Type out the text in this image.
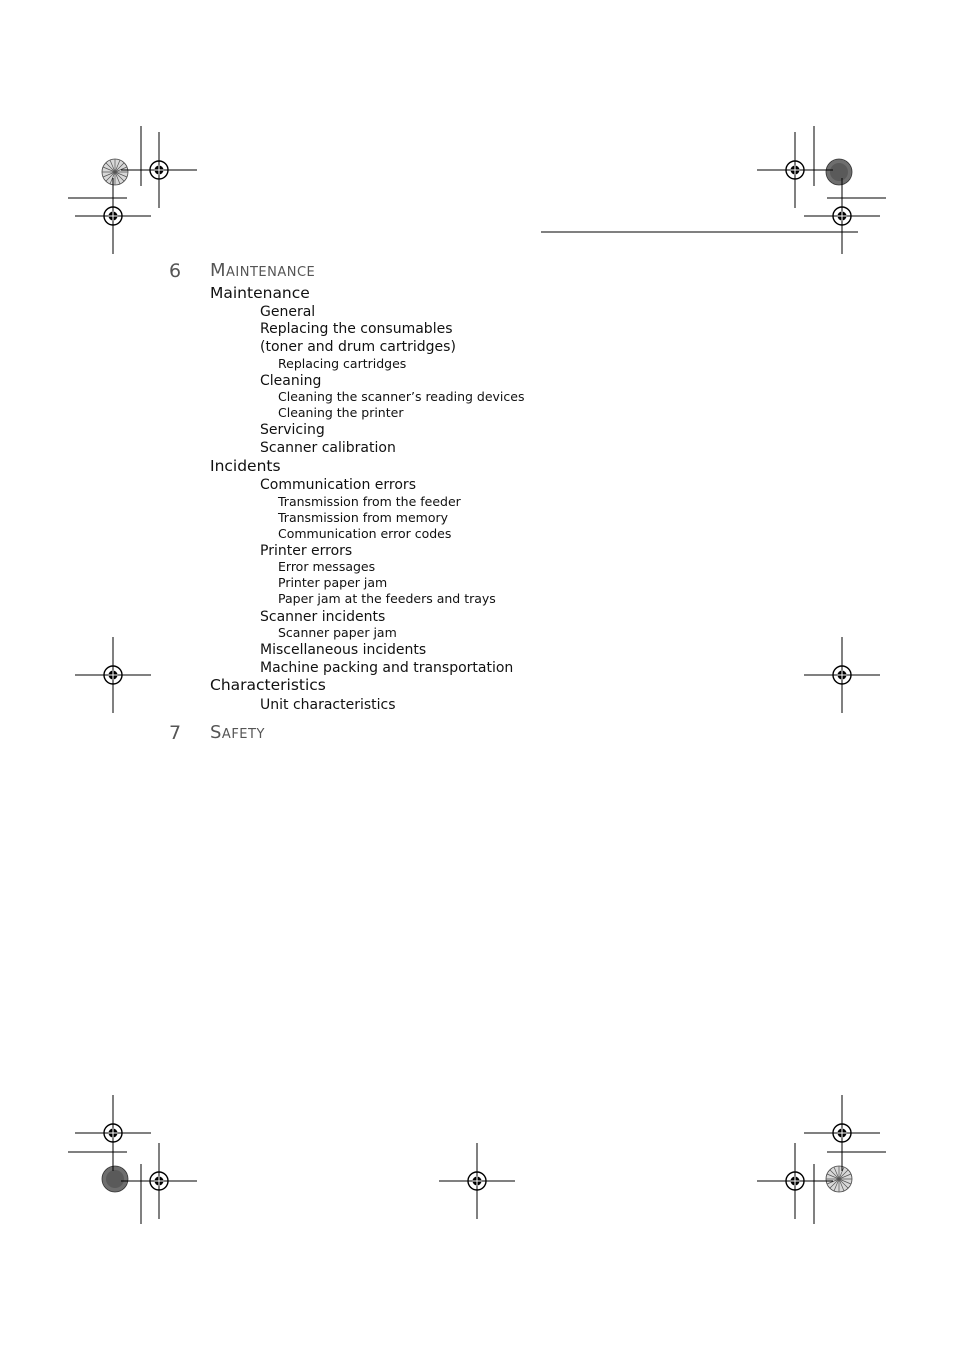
6 Maintenance
Maintenance
General
Replacing the consumables
(toner and drum cartridges)
Replacing cartridges
Cleaning
Cleaning the scanner’s reading devices
Cleaning the printer
Servicing
Scanner calibration
Incidents
Communication errors
Transmission from the feeder
Transmission from memory
Communication error codes
Printer errors
Error messages
Printer paper jam
Paper jam at the feeders and trays
Scanner incidents
Scanner paper jam
Miscellaneous incidents
Machine packing and transportation
Characteristics
Unit characteristics
7 Safety
